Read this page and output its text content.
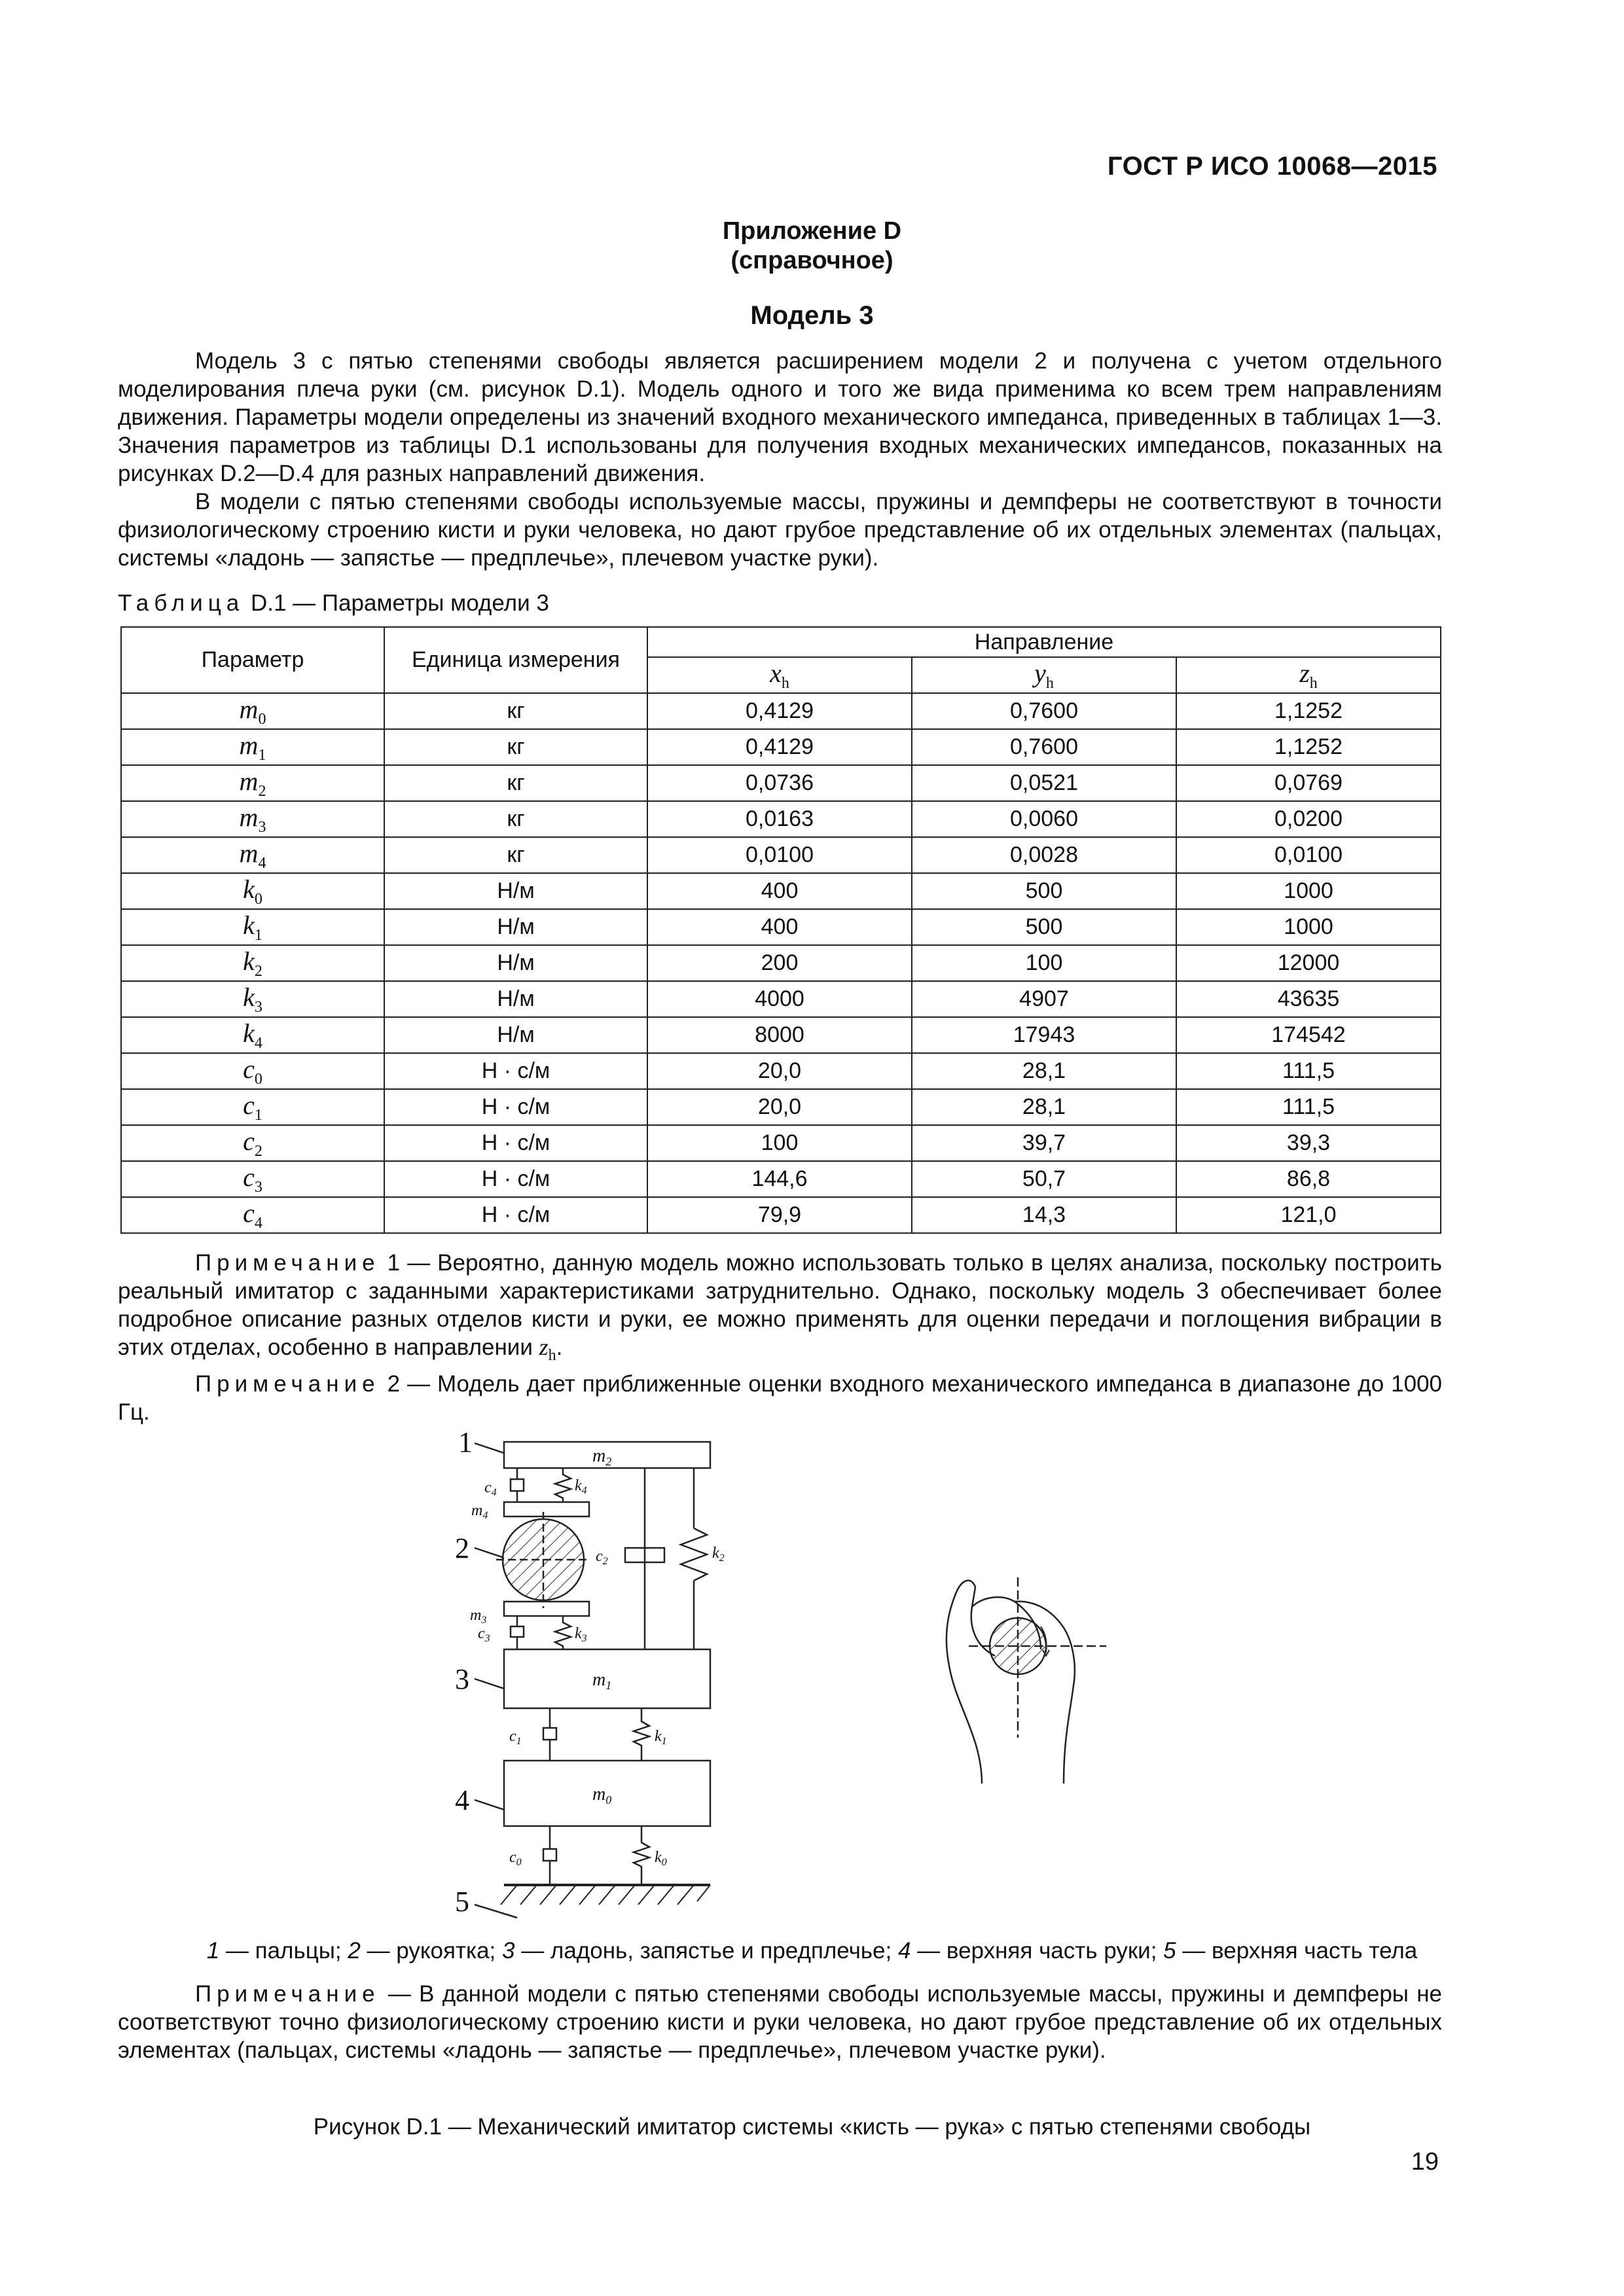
ГОСТ Р ИСО 10068—2015
Приложение D
(справочное)
Модель 3

Модель 3 с пятью степенями свободы является расширением модели 2 и получена с учетом отдельного моделирования плеча руки (см. рисунок D.1). Модель одного и того же вида применима ко всем трем направлениям движения. Параметры модели определены из значений входного механического импеданса, приведенных в таблицах 1—3. Значения параметров из таблицы D.1 использованы для получения входных механических импедансов, показанных на рисунках D.2—D.4 для разных направлений движения.

В модели с пятью степенями свободы используемые массы, пружины и демпферы не соответствуют в точности физиологическому строению кисти и руки человека, но дают грубое представление об их отдельных элементах (пальцах, системы «ладонь — запястье — предплечье», плечевом участке руки).

Таблица D.1 — Параметры модели 3
Параметр	Единица измерения	Направление		
		$x_h$	$y_h$	$z_h$
$m_0$	кг	0,4129	0,7600	1,1252
$m_1$	кг	0,4129	0,7600	1,1252
$m_2$	кг	0,0736	0,0521	0,0769
$m_3$	кг	0,0163	0,0060	0,0200
$m_4$	кг	0,0100	0,0028	0,0100
$k_0$	Н/м	400	500	1000
$k_1$	Н/м	400	500	1000
$k_2$	Н/м	200	100	12000
$k_3$	Н/м	4000	4907	43635
$k_4$	Н/м	8000	17943	174542
$c_0$	Н · с/м	20,0	28,1	111,5
$c_1$	Н · с/м	20,0	28,1	111,5
$c_2$	Н · с/м	100	39,7	39,3
$c_3$	Н · с/м	144,6	50,7	86,8
$c_4$	Н · с/м	79,9	14,3	121,0

Примечание 1 — Вероятно, данную модель можно использовать только в целях анализа, поскольку построить реальный имитатор с заданными характеристиками затруднительно. Однако, поскольку модель 3 обеспечивает более подробное описание разных отделов кисти и руки, ее можно применять для оценки передачи и поглощения вибрации в этих отделах, особенно в направлении $z_h$.

Примечание 2 — Модель дает приближенные оценки входного механического импеданса в диапазоне до 1000 Гц.

1
2
3
4
5
$m_2$
$c_4$	$k_4$
$m_4$
$m_3$
$c_3$	$k_3$
$c_2$	$k_2$
$m_1$
$c_1$	$k_1$
$m_0$
$c_0$	$k_0$
1 — пальцы; 2 — рукоятка; 3 — ладонь, запястье и предплечье; 4 — верхняя часть руки; 5 — верхняя часть тела

Примечание — В данной модели с пятью степенями свободы используемые массы, пружины и демпферы не соответствуют точно физиологическому строению кисти и руки человека, но дают грубое представление об их отдельных элементах (пальцах, системы «ладонь — запястье — предплечье», плечевом участке руки).

Рисунок D.1 — Механический имитатор системы «кисть — рука» с пятью степенями свободы
19
